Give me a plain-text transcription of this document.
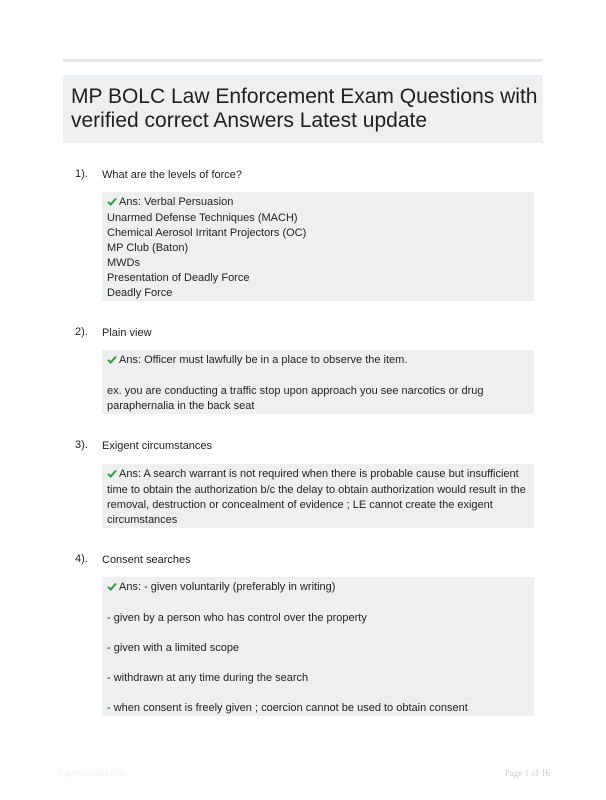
MP BOLC Law Enforcement Exam Questions with verified correct Answers Latest update
1). What are the levels of force?
Ans: Verbal Persuasion
Unarmed Defense Techniques (MACH)
Chemical Aerosol Irritant Projectors (OC)
MP Club (Baton)
MWDs
Presentation of Deadly Force
Deadly Force
2). Plain view
Ans: Officer must lawfully be in a place to observe the item.
ex. you are conducting a traffic stop upon approach you see narcotics or drug paraphernalia in the back seat
3). Exigent circumstances
Ans: A search warrant is not required when there is probable cause but insufficient time to obtain the authorization b/c the delay to obtain authorization would result in the removal, destruction or concealment of evidence ; LE cannot create the exigent circumstances
4). Consent searches
Ans: - given voluntarily (preferably in writing)
- given by a person who has control over the property
- given with a limited scope
- withdrawn at any time during the search
- when consent is freely given ; coercion cannot be used to obtain consent
PaperStudio.com	Page 1 of 16
